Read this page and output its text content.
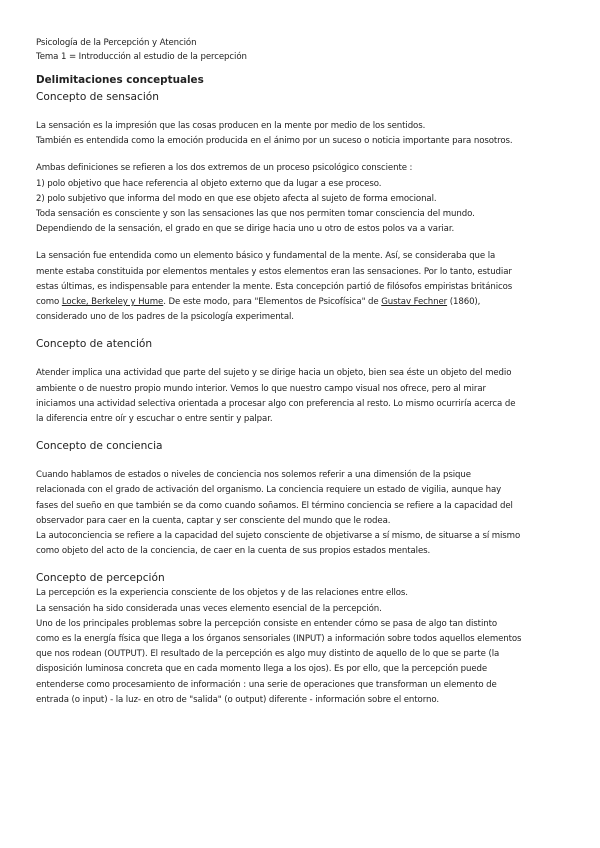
Psicología de la Percepción y Atención
Tema 1 = Introducción al estudio de la percepción
Delimitaciones conceptuales
Concepto de sensación

La sensación es la impresión que las cosas producen en la mente por medio de los sentidos.

También es entendida como la emoción producida en el ánimo por un suceso o noticia importante para nosotros.

Ambas definiciones se refieren a los dos extremos de un proceso psicológico consciente :

1) polo objetivo que hace referencia al objeto externo que da lugar a ese proceso.

2) polo subjetivo que informa del modo en que ese objeto afecta al sujeto de forma emocional.

Toda sensación es consciente y son las sensaciones las que nos permiten tomar consciencia del mundo.

Dependiendo de la sensación, el grado en que se dirige hacia uno u otro de estos polos va a variar.

La sensación fue entendida como un elemento básico y fundamental de la mente. Así, se consideraba que la

mente estaba constituida por elementos mentales y estos elementos eran las sensaciones. Por lo tanto, estudiar

estas últimas, es indispensable para entender la mente. Esta concepción partió de filósofos empiristas británicos

como Locke, Berkeley y Hume. De este modo, para "Elementos de Psicofísica" de Gustav Fechner (1860),

considerado uno de los padres de la psicología experimental.

Concepto de atención

Atender implica una actividad que parte del sujeto y se dirige hacia un objeto, bien sea éste un objeto del medio

ambiente o de nuestro propio mundo interior. Vemos lo que nuestro campo visual nos ofrece, pero al mirar

iniciamos una actividad selectiva orientada a procesar algo con preferencia al resto. Lo mismo ocurriría acerca de

la diferencia entre oír y escuchar o entre sentir y palpar.

Concepto de conciencia

Cuando hablamos de estados o niveles de conciencia nos solemos referir a una dimensión de la psique

relacionada con el grado de activación del organismo. La conciencia requiere un estado de vigilia, aunque hay

fases del sueño en que también se da como cuando soñamos. El término conciencia se refiere a la capacidad del

observador para caer en la cuenta, captar y ser consciente del mundo que le rodea.

La autoconciencia se refiere a la capacidad del sujeto consciente de objetivarse a sí mismo, de situarse a sí mismo

como objeto del acto de la conciencia, de caer en la cuenta de sus propios estados mentales.

Concepto de percepción

La percepción es la experiencia consciente de los objetos y de las relaciones entre ellos.

La sensación ha sido considerada unas veces elemento esencial de la percepción.

Uno de los principales problemas sobre la percepción consiste en entender cómo se pasa de algo tan distinto

como es la energía física que llega a los órganos sensoriales (INPUT) a información sobre todos aquellos elementos

que nos rodean (OUTPUT). El resultado de la percepción es algo muy distinto de aquello de lo que se parte (la

disposición luminosa concreta que en cada momento llega a los ojos). Es por ello, que la percepción puede

entenderse como procesamiento de información : una serie de operaciones que transforman un elemento de

entrada (o input) - la luz- en otro de "salida" (o output) diferente - información sobre el entorno.
